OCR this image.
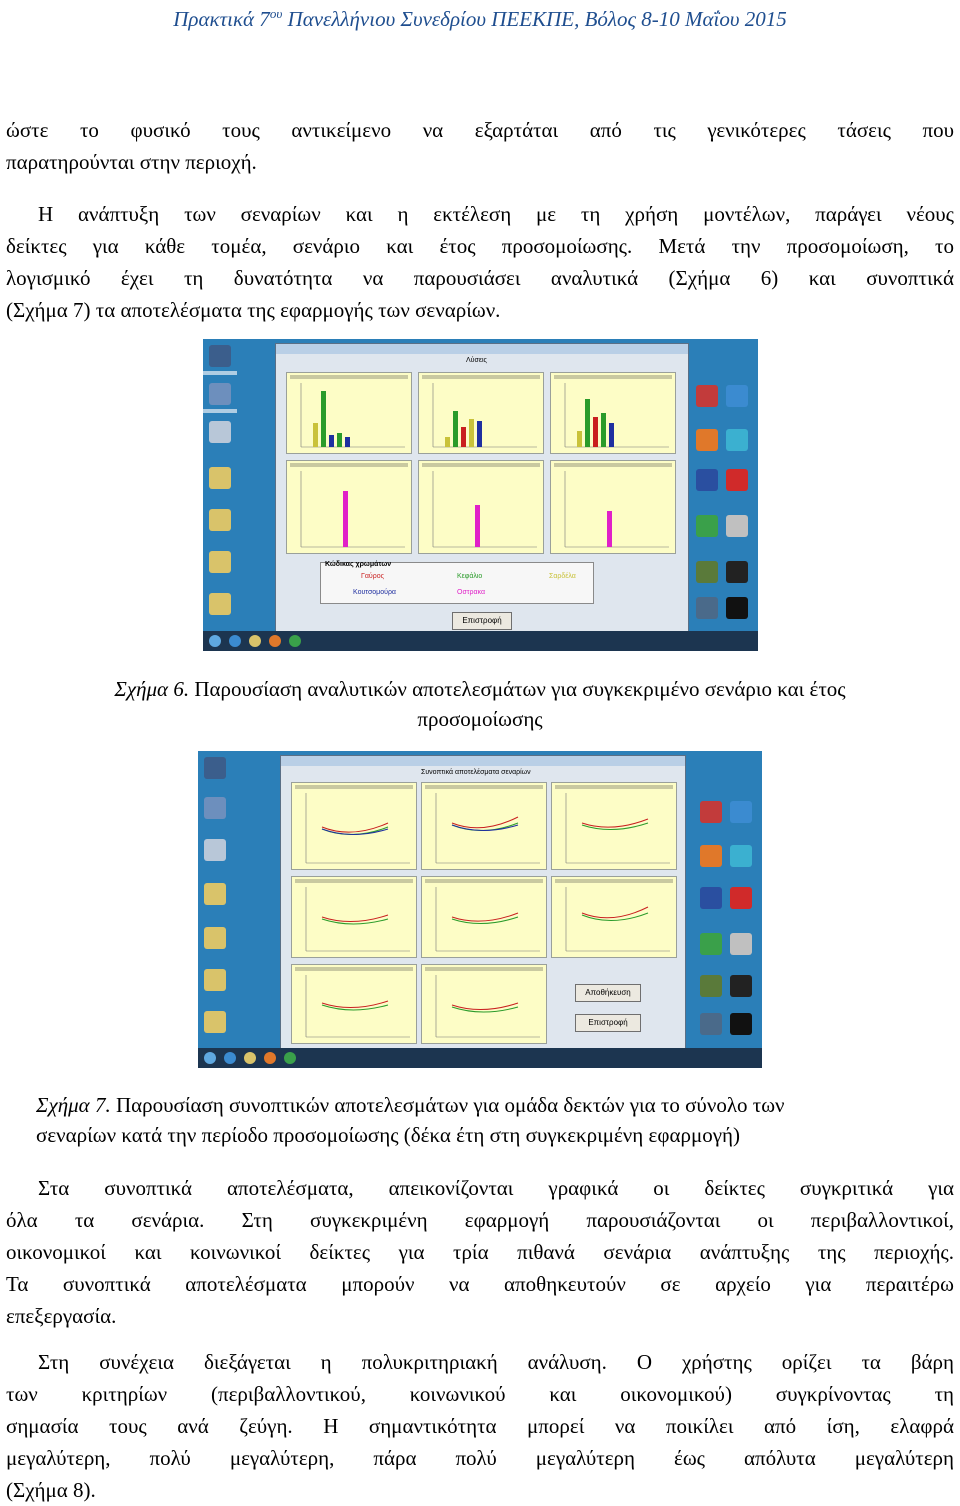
Πρακτικά $7^{o\upsilon}$ Πανελλήνιου Συνεδρίου ΠΕΕΚΠΕ, Βόλος 8-10 Μαΐου 2015
ώστε το φυσικό τους αντικείμενο να εξαρτάται από τις γενικότερες τάσεις που
παρατηρούνται στην περιοχή.
Η ανάπτυξη των σεναρίων και η εκτέλεση με τη χρήση μοντέλων, παράγει νέους
δείκτες για κάθε τομέα, σενάριο και έτος προσομοίωσης. Μετά την προσομοίωση, το
λογισμικό έχει τη δυνατότητα να παρουσιάσει αναλυτικά (Σχήμα 6) και συνοπτικά
(Σχήμα 7) τα αποτελέσματα της εφαρμογής των σεναρίων.
Λύσεις
Κώδικας χρωμάτων
Γαύρος	Κεφάλιο	Σαρδέλα
Κουτσομούρα	Οστρακα
Επιστροφή
Σχήμα 6. Παρουσίαση αναλυτικών αποτελεσμάτων για συγκεκριμένο σενάριο και έτος
προσομοίωσης
Συνοπτικά αποτελέσματα σεναρίων
Αποθήκευση
Επιστροφή
Σχήμα 7. Παρουσίαση συνοπτικών αποτελεσμάτων για ομάδα δεκτών για το σύνολο των
σεναρίων κατά την περίοδο προσομοίωσης (δέκα έτη στη συγκεκριμένη εφαρμογή)
Στα συνοπτικά αποτελέσματα, απεικονίζονται γραφικά οι δείκτες συγκριτικά για
όλα τα σενάρια. Στη συγκεκριμένη εφαρμογή παρουσιάζονται οι περιβαλλοντικοί,
οικονομικοί και κοινωνικοί δείκτες για τρία πιθανά σενάρια ανάπτυξης της περιοχής.
Τα συνοπτικά αποτελέσματα μπορούν να αποθηκευτούν σε αρχείο για περαιτέρω
επεξεργασία.
Στη συνέχεια διεξάγεται η πολυκριτηριακή ανάλυση. Ο χρήστης ορίζει τα βάρη
των κριτηρίων (περιβαλλοντικού, κοινωνικού και οικονομικού) συγκρίνοντας τη
σημασία τους ανά ζεύγη. Η σημαντικότητα μπορεί να ποικίλει από ίση, ελαφρά
μεγαλύτερη, πολύ μεγαλύτερη, πάρα πολύ μεγαλύτερη έως απόλυτα μεγαλύτερη
(Σχήμα 8).
